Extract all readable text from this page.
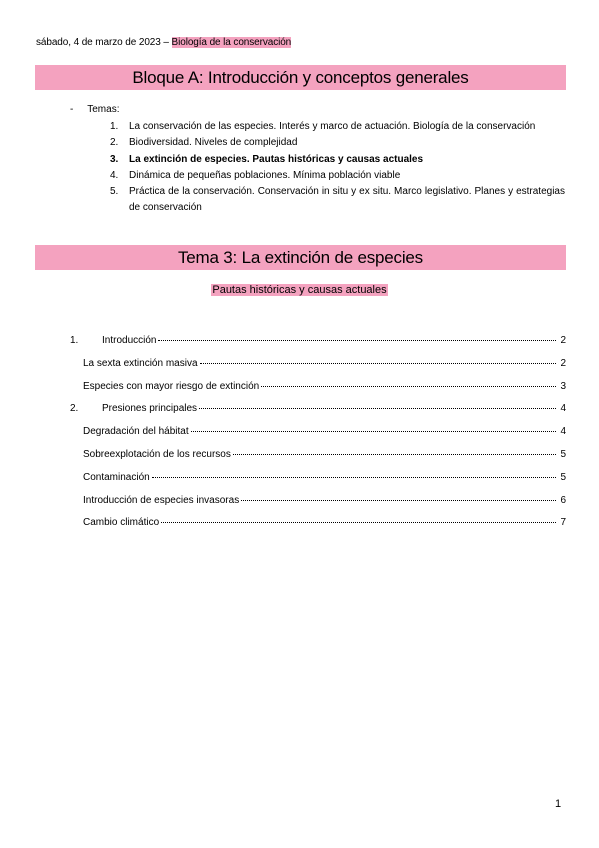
sábado, 4 de marzo de 2023 – Biología de la conservación
Bloque A: Introducción y conceptos generales
-     Temas:
1.	La conservación de las especies. Interés y marco de actuación. Biología de la conservación
2.	Biodiversidad. Niveles de complejidad
3.	La extinción de especies. Pautas históricas y causas actuales
4.	Dinámica de pequeñas poblaciones. Mínima población viable
5.	Práctica de la conservación. Conservación in situ y ex situ. Marco legislativo. Planes y estrategias de conservación
Tema 3: La extinción de especies
Pautas históricas y causas actuales
1.	Introducción	2
La sexta extinción masiva	2
Especies con mayor riesgo de extinción	3
2.	Presiones principales	4
Degradación del hábitat	4
Sobreexplotación de los recursos	5
Contaminación	5
Introducción de especies invasoras	6
Cambio climático	7
1
